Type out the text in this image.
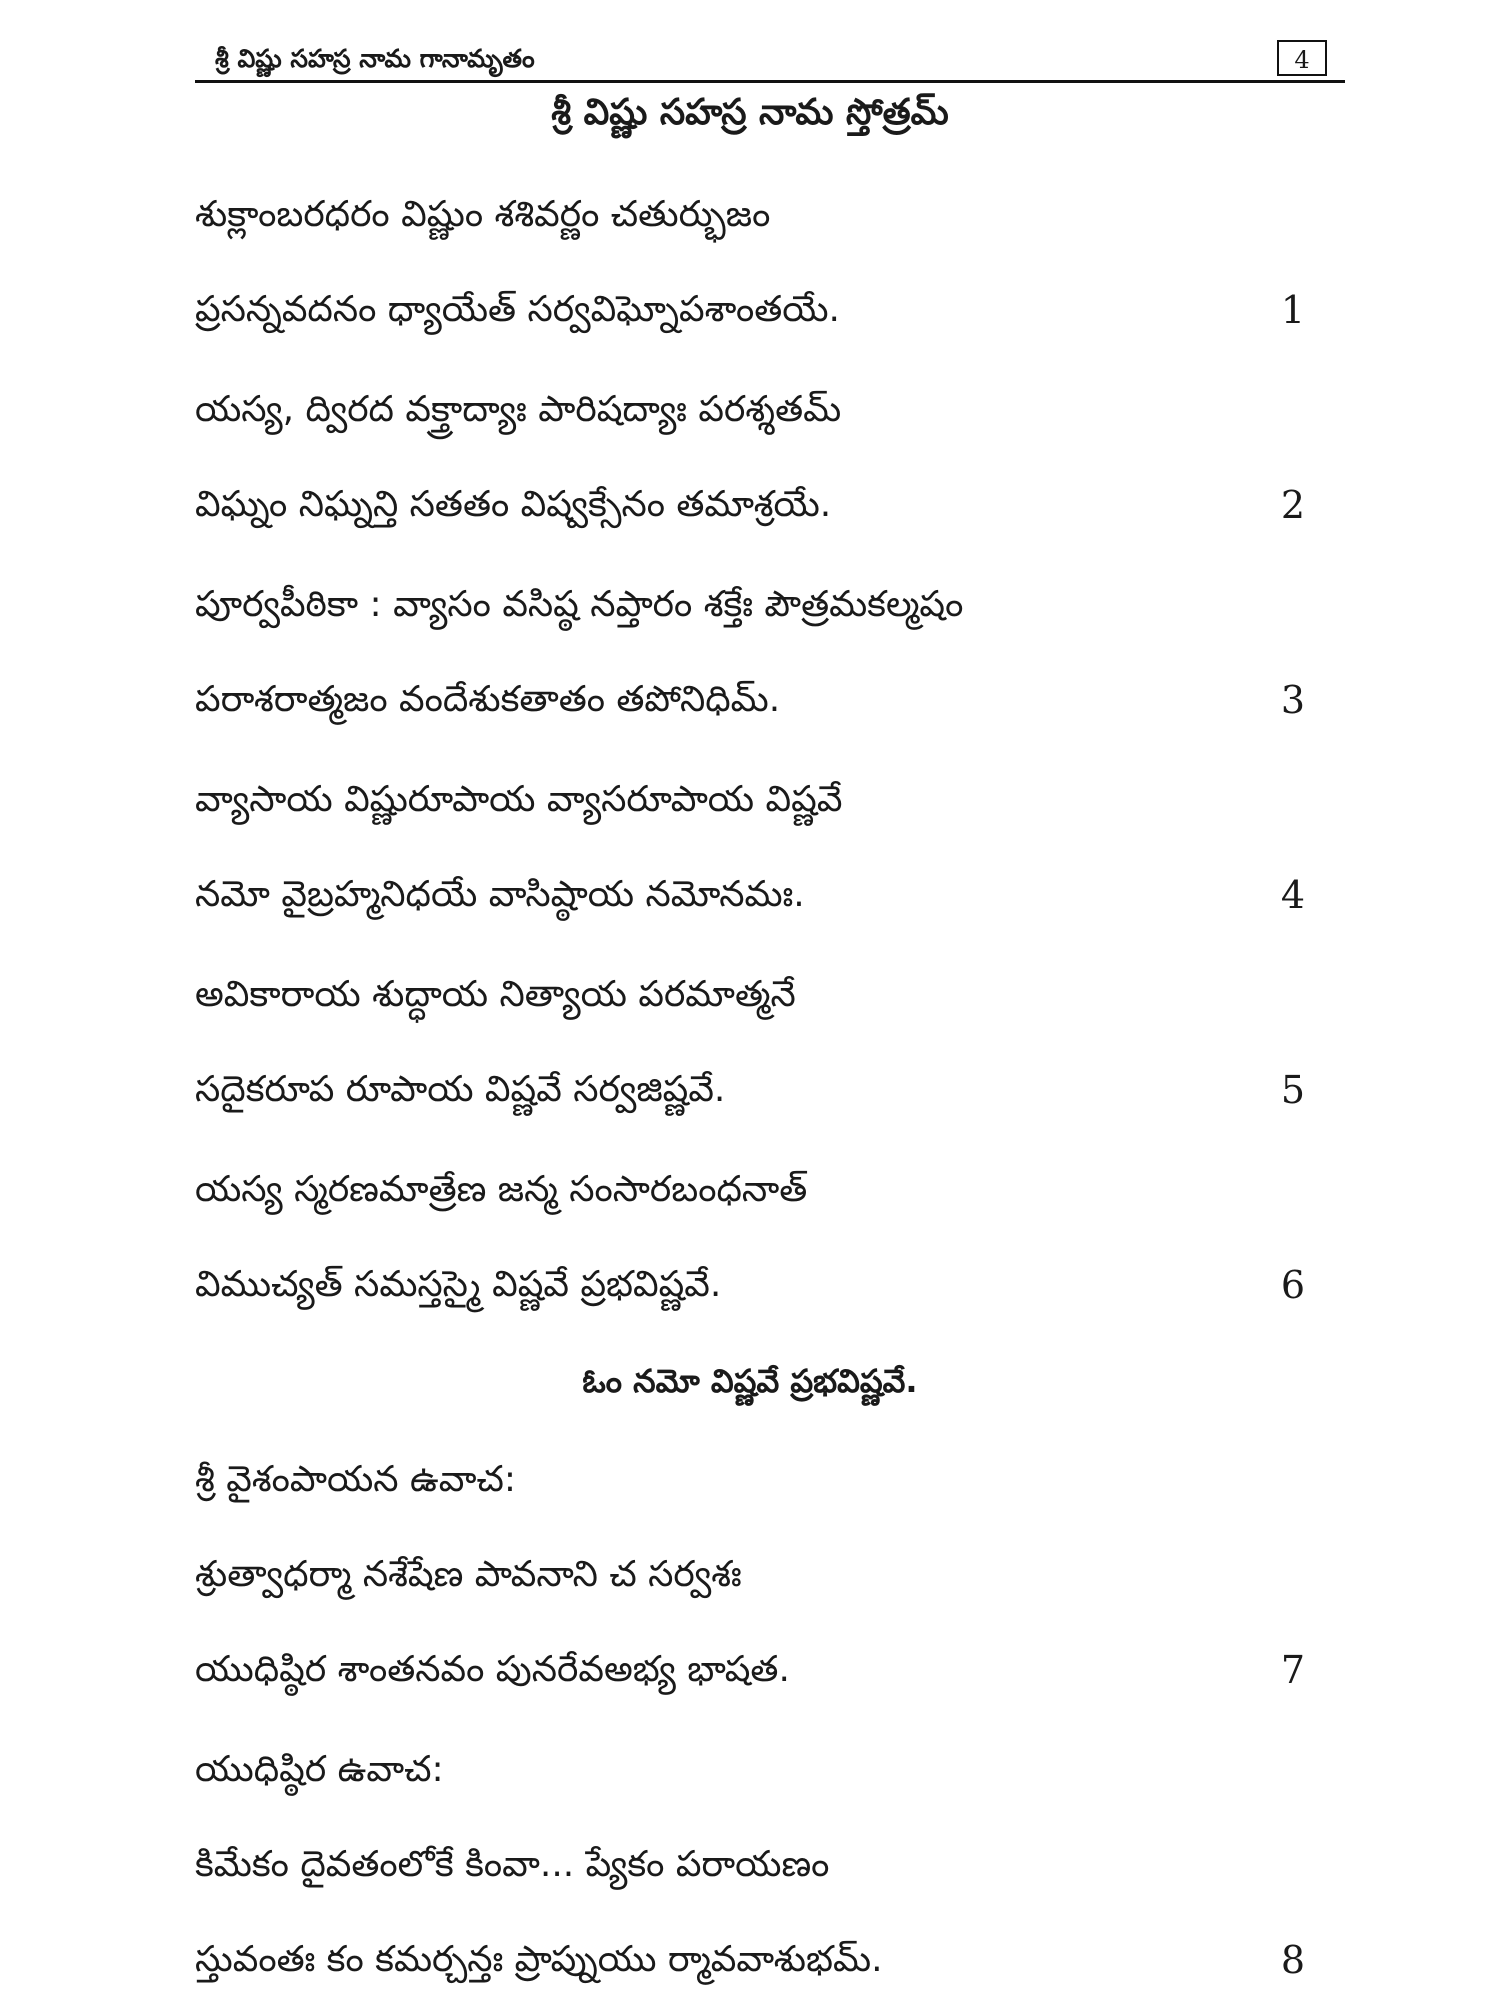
శ్రీ విష్ణు సహస్ర నామ గానామృతం	4
శ్రీ విష్ణు సహస్ర నామ స్తోత్రమ్
శుక్లాంబరధరం విష్ణుం శశివర్ణం చతుర్భుజం
ప్రసన్నవదనం ధ్యాయేత్ సర్వవిఘ్నోపశాంతయే.	1
యస్య, ద్విరద వక్త్రాద్యాః పారిషద్యాః పరశ్శతమ్
విఘ్నం నిఘ్నన్తి సతతం విష్వక్సేనం తమాశ్రయే.	2
పూర్వపీఠికా : వ్యాసం వసిష్ఠ నప్తారం శక్తేః పౌత్రమకల్మషం
పరాశరాత్మజం వందేశుకతాతం తపోనిధిమ్.	3
వ్యాసాయ విష్ణురూపాయ వ్యాసరూపాయ విష్ణవే
నమో వైబ్రహ్మనిధయే వాసిష్ఠాయ నమోనమః.	4
అవికారాయ శుద్ధాయ నిత్యాయ పరమాత్మనే
సదైకరూప రూపాయ విష్ణవే సర్వజిష్ణవే.	5
యస్య స్మరణమాత్రేణ జన్మ సంసారబంధనాత్
విముచ్యత్ సమస్తస్మై విష్ణవే ప్రభవిష్ణవే.	6
ఓం నమో విష్ణవే ప్రభవిష్ణవే.
శ్రీ వైశంపాయన ఉవాచ:
శ్రుత్వాధర్మా నశేషేణ పావనాని చ సర్వశః
యుధిష్ఠిర శాంతనవం పునరేవఅభ్య భాషత.	7
యుధిష్ఠిర ఉవాచ:
కిమేకం దైవతంలోకే కింవా... ప్యేకం పరాయణం
స్తువంతః కం కమర్చన్తః ప్రాప్నుయు ర్మావవాశుభమ్.	8
